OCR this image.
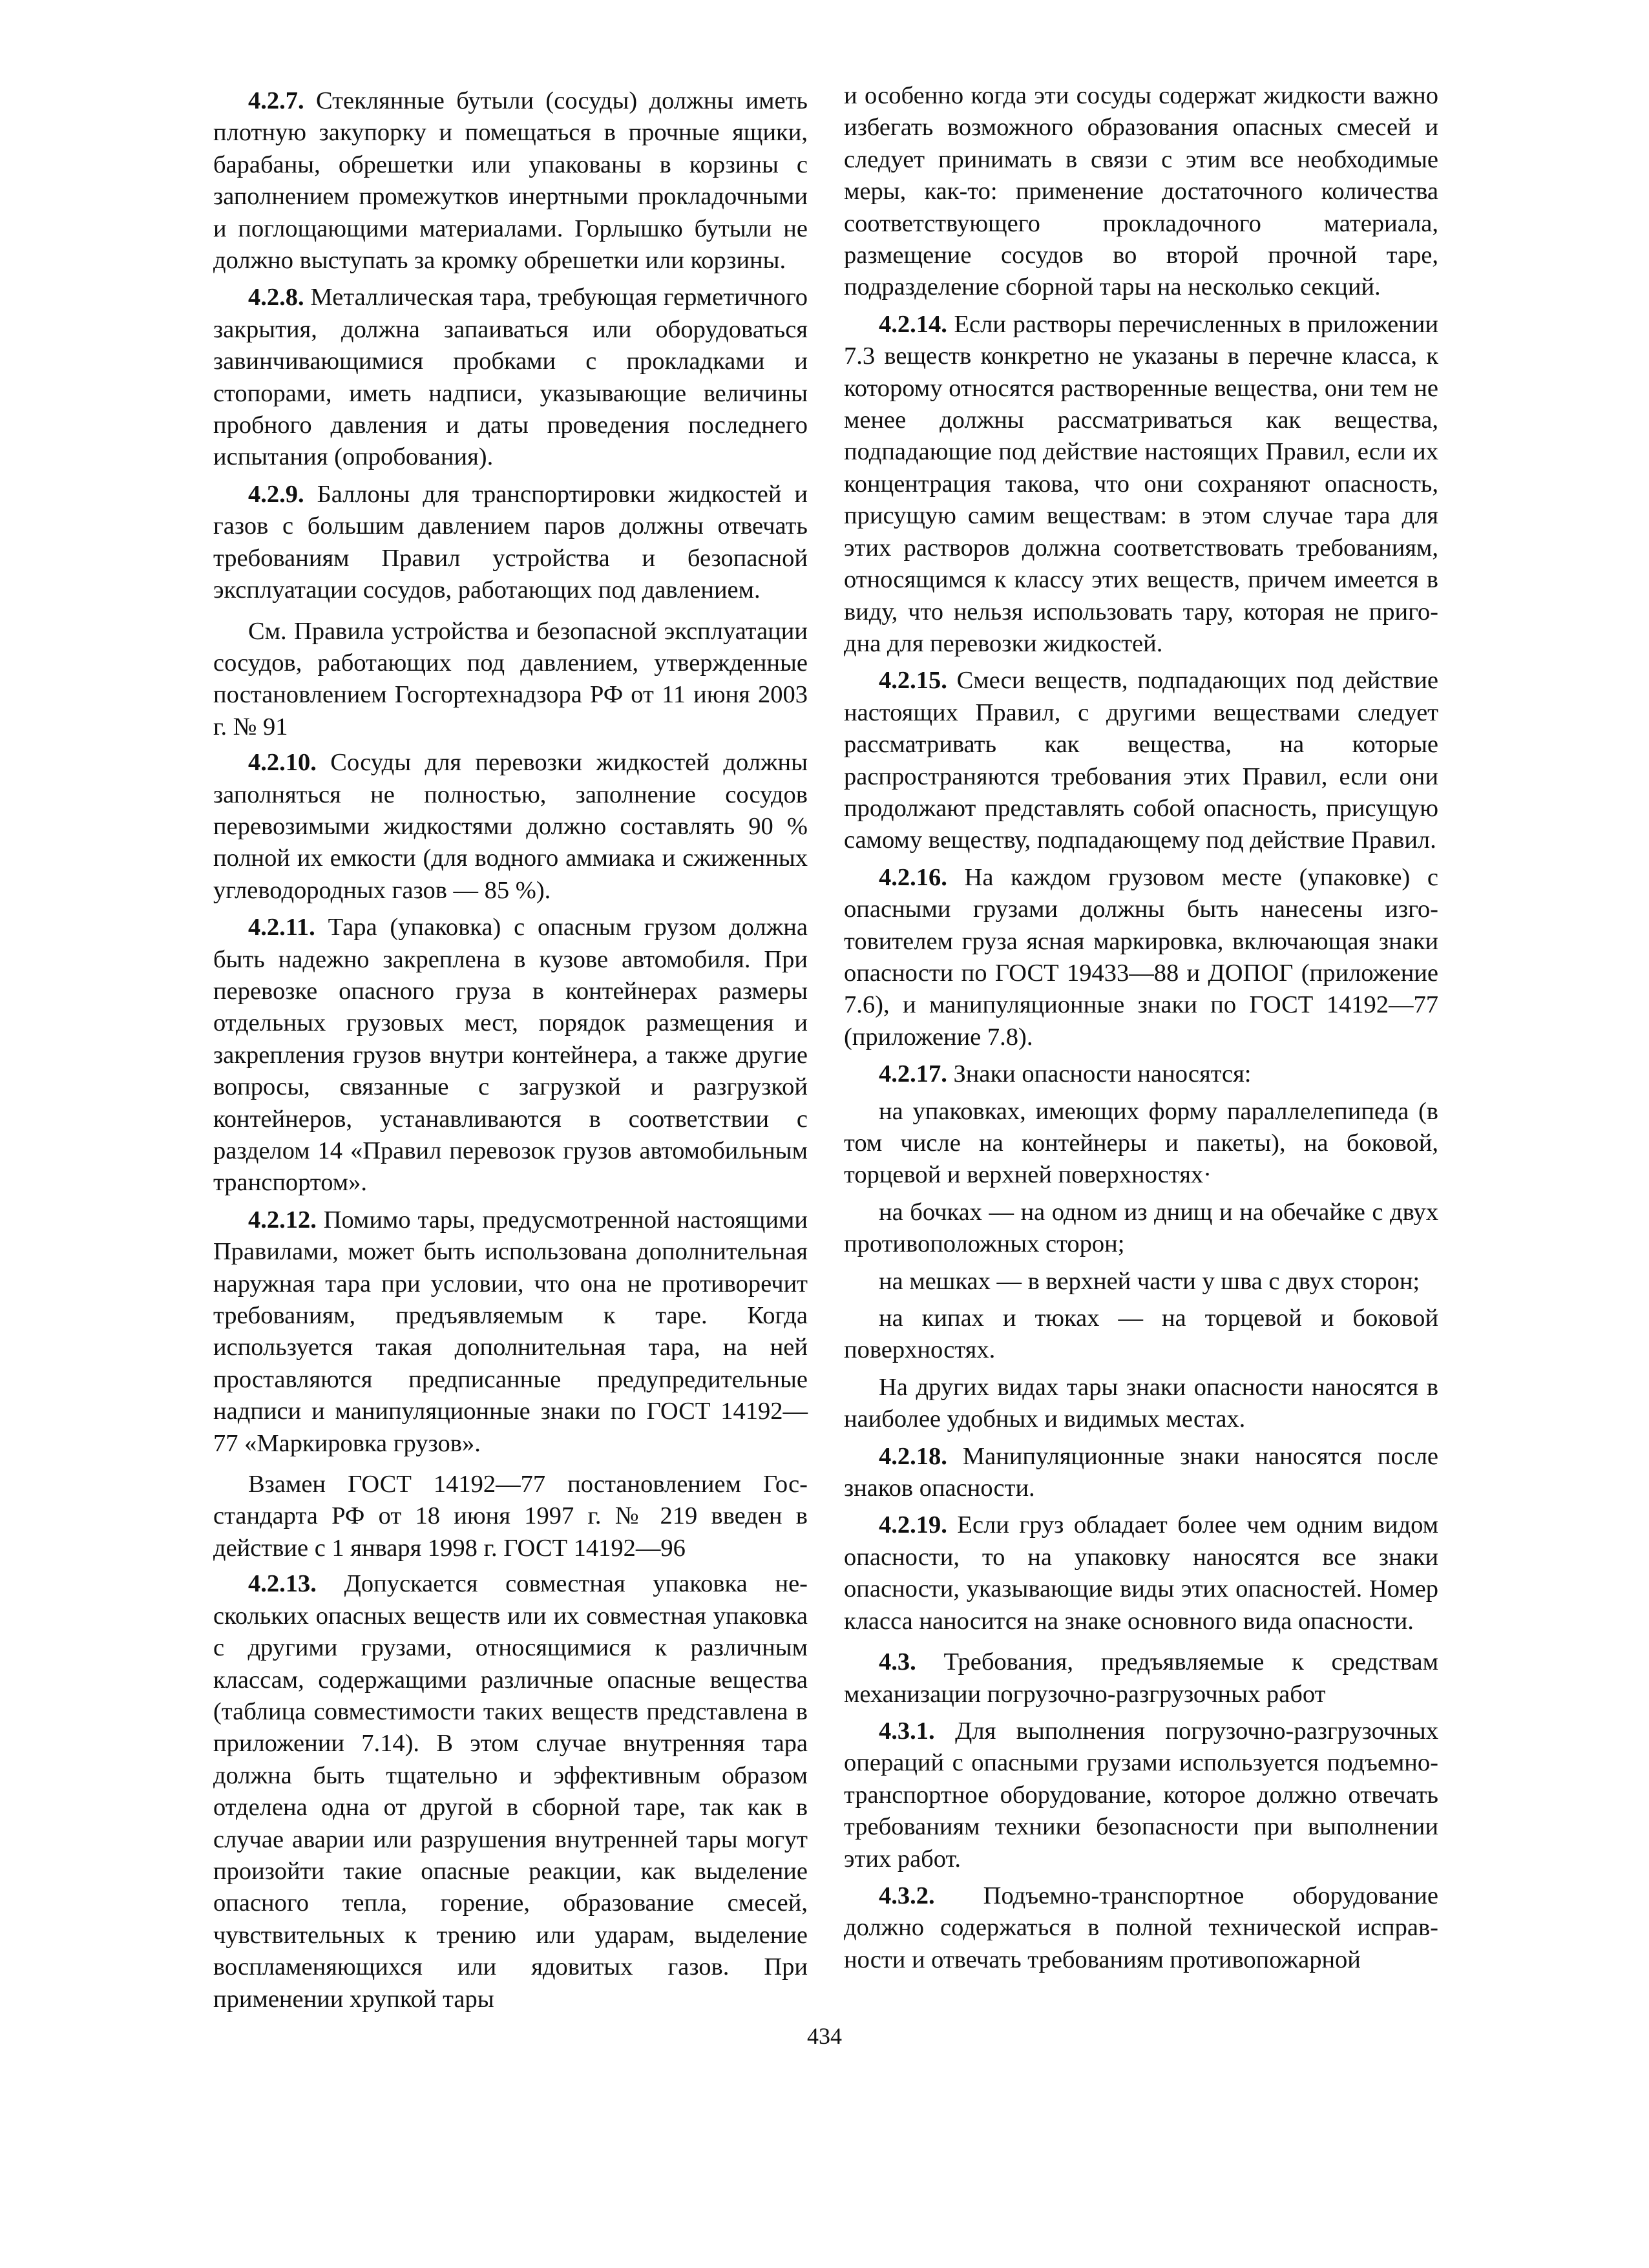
4.2.7. Стеклянные бутыли (сосуды) должны иметь плотную закупорку и помещаться в прочные ящики, барабаны, обрешетки или упакованы в корзины с заполнением промежутков инертными прокладочными и поглощающими материалами. Горлышко бутыли не должно выступать за кромку обрешетки или корзины.

4.2.8. Металлическая тара, требующая герметичного закрытия, должна запаиваться или оборудоваться завинчивающимися пробками с прокладками и стопорами, иметь надписи, указывающие величины пробного давления и даты проведения последнего испытания (опробования).

4.2.9. Баллоны для транспортировки жидкостей и газов с большим давлением паров должны отвечать требованиям Правил устройства и безопасной эксплуатации сосудов, работающих под давлением.

См. Правила устройства и безопасной эксплуатации сосудов, работающих под давлением, утвержденные постановлением Госгортехнадзора РФ от 11 июня 2003 г. № 91

4.2.10. Сосуды для перевозки жидкостей должны заполняться не полностью, заполнение сосудов перевозимыми жидкостями должно составлять 90 % полной их емкости (для водного аммиака и сжиженных углеводородных газов — 85 %).

4.2.11. Тара (упаковка) с опасным грузом должна быть надежно закреплена в кузове автомобиля. При перевозке опасного груза в контейнерах размеры отдельных грузовых мест, порядок размещения и закрепления грузов внутри контейнера, а также другие вопросы, связанные с загрузкой и разгрузкой контейнеров, устанавливаются в соответствии с разделом 14 «Правил перевозок грузов автомобильным транспортом».

4.2.12. Помимо тары, предусмотренной настоящими Правилами, может быть использована дополнительная наружная тара при условии, что она не противоречит требованиям, предъявляемым к таре. Когда используется такая дополнительная тара, на ней проставляются предписанные предупредительные надписи и манипуляционные знаки по ГОСТ 14192—77 «Маркировка грузов».

Взамен ГОСТ 14192—77 постановлением Госстандарта РФ от 18 июня 1997 г. № 219 введен в действие с 1 января 1998 г. ГОСТ 14192—96

4.2.13. Допускается совместная упаковка нескольких опасных веществ или их совместная упаковка с другими грузами, относящимися к различным классам, содержащими различные опасные вещества (таблица совместимости таких веществ представлена в приложении 7.14). В этом случае внутренняя тара должна быть тщательно и эффективным образом отделена одна от другой в сборной таре, так как в случае аварии или разрушения внутренней тары могут произойти такие опасные реакции, как выделение опасного тепла, горение, образование смесей, чувствительных к трению или ударам, выделение воспламеняющихся или ядовитых газов. При применении хрупкой тары

и особенно когда эти сосуды содержат жидкости важно избегать возможного образования опасных смесей и следует принимать в связи с этим все необходимые меры, как-то: применение достаточного количества соответствующего прокладочного материала, размещение сосудов во второй прочной таре, подразделение сборной тары на несколько секций.

4.2.14. Если растворы перечисленных в приложении 7.3 веществ конкретно не указаны в перечне класса, к которому относятся растворенные вещества, они тем не менее должны рассматриваться как вещества, подпадающие под действие настоящих Правил, если их концентрация такова, что они сохраняют опасность, присущую самим веществам: в этом случае тара для этих растворов должна соответствовать требованиям, относящимся к классу этих веществ, причем имеется в виду, что нельзя использовать тару, которая не пригодна для перевозки жидкостей.

4.2.15. Смеси веществ, подпадающих под действие настоящих Правил, с другими веществами следует рассматривать как вещества, на которые распространяются требования этих Правил, если они продолжают представлять собой опасность, присущую самому веществу, подпадающему под действие Правил.

4.2.16. На каждом грузовом месте (упаковке) с опасными грузами должны быть нанесены изготовителем груза ясная маркировка, включающая знаки опасности по ГОСТ 19433—88 и ДОПОГ (приложение 7.6), и манипуляционные знаки по ГОСТ 14192—77 (приложение 7.8).

4.2.17. Знаки опасности наносятся:

на упаковках, имеющих форму параллелепипеда (в том числе на контейнеры и пакеты), на боковой, торцевой и верхней поверхностях·

на бочках — на одном из днищ и на обечайке с двух противоположных сторон;

на мешках — в верхней части у шва с двух сторон;

на кипах и тюках — на торцевой и боковой поверхностях.

На других видах тары знаки опасности наносятся в наиболее удобных и видимых местах.

4.2.18. Манипуляционные знаки наносятся после знаков опасности.

4.2.19. Если груз обладает более чем одним видом опасности, то на упаковку наносятся все знаки опасности, указывающие виды этих опасностей. Номер класса наносится на знаке основного вида опасности.

4.3. Требования, предъявляемые к средствам механизации погрузочно-разгрузочных работ

4.3.1. Для выполнения погрузочно-разгрузочных операций с опасными грузами используется подъемно-транспортное оборудование, которое должно отвечать требованиям техники безопасности при выполнении этих работ.

4.3.2. Подъемно-транспортное оборудование должно содержаться в полной технической исправности и отвечать требованиям противопожарной

434
